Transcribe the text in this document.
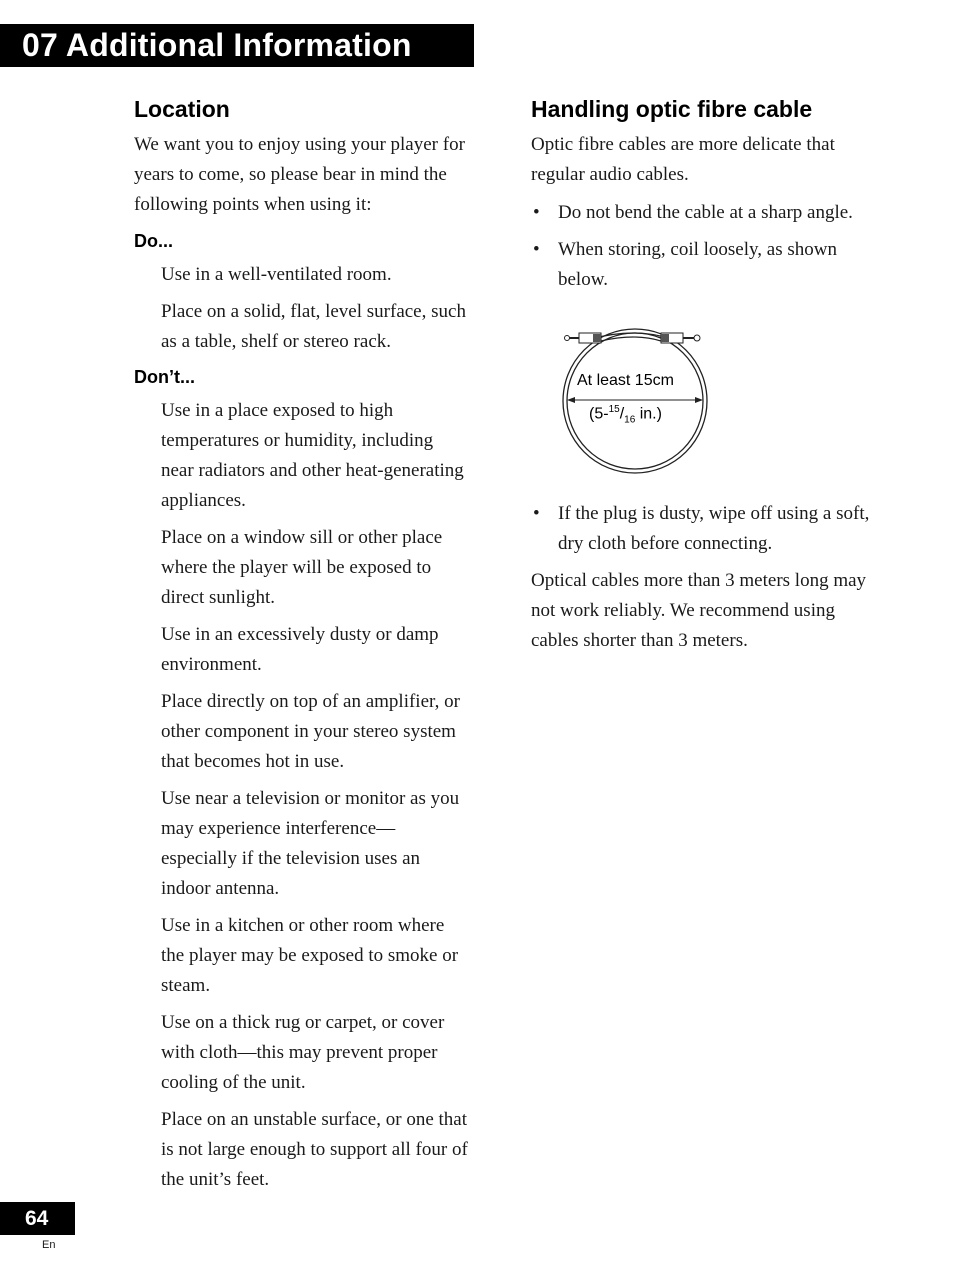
07 Additional Information
Location

We want you to enjoy using your player for years to come, so please bear in mind the following points when using it:

Do...

Use in a well-ventilated room.

Place on a solid, flat, level surface, such as a table, shelf or stereo rack.

Don’t...

Use in a place exposed to high temperatures or humidity, including near radiators and other heat-generating appliances.

Place on a window sill or other place where the player will be exposed to direct sunlight.

Use in an excessively dusty or damp environment.

Place directly on top of an amplifier, or other component in your stereo system that becomes hot in use.

Use near a television or monitor as you may experience interference—especially if the television uses an indoor antenna.

Use in a kitchen or other room where the player may be exposed to smoke or steam.

Use on a thick rug or carpet, or cover with cloth—this may prevent proper cooling of the unit.

Place on an unstable surface, or one that is not large enough to support all four of the unit’s feet.

Handling optic fibre cable

Optic fibre cables are more delicate that regular audio cables.

• Do not bend the cable at a sharp angle.
• When storing, coil loosely, as shown below.
At least 15cm
($5-^{15}/_{16}$ in.)
• If the plug is dusty, wipe off using a soft, dry cloth before connecting.

Optical cables more than 3 meters long may not work reliably. We recommend using cables shorter than 3 meters.

64
En
